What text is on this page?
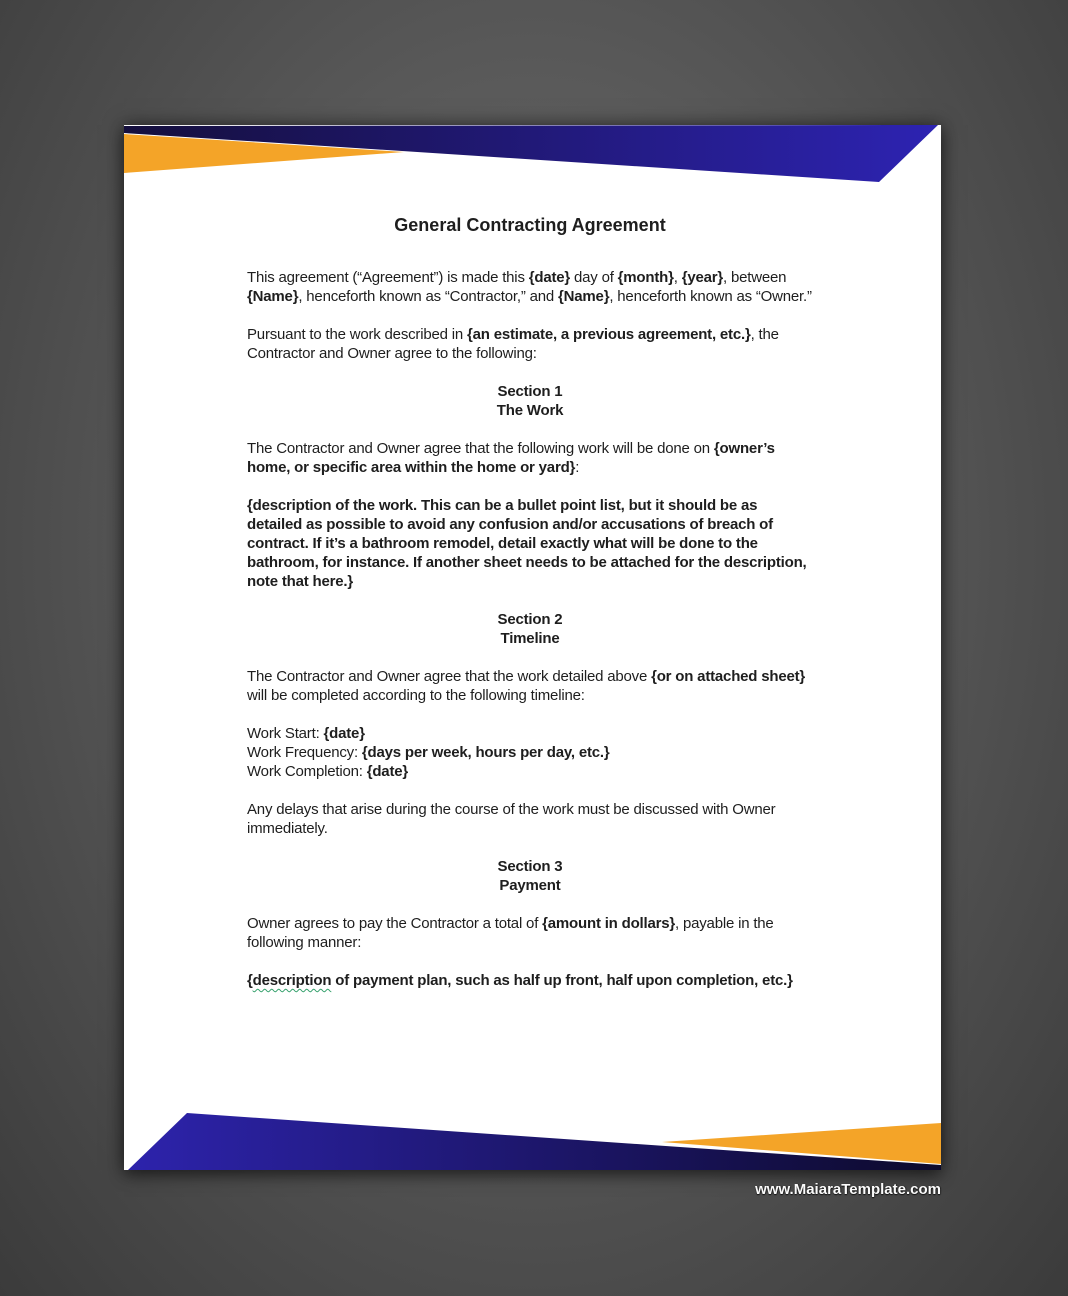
General Contracting Agreement
This agreement (“Agreement”) is made this {date} day of {month}, {year}, between {Name}, henceforth known as “Contractor,” and {Name}, henceforth known as “Owner.”
Pursuant to the work described in {an estimate, a previous agreement, etc.}, the Contractor and Owner agree to the following:
Section 1
The Work
The Contractor and Owner agree that the following work will be done on {owner’s home, or specific area within the home or yard}:
{description of the work. This can be a bullet point list, but it should be as detailed as possible to avoid any confusion and/or accusations of breach of contract. If it’s a bathroom remodel, detail exactly what will be done to the bathroom, for instance. If another sheet needs to be attached for the description, note that here.}
Section 2
Timeline
The Contractor and Owner agree that the work detailed above {or on attached sheet} will be completed according to the following timeline:
Work Start: {date}
Work Frequency: {days per week, hours per day, etc.}
Work Completion: {date}
Any delays that arise during the course of the work must be discussed with Owner immediately.
Section 3
Payment
Owner agrees to pay the Contractor a total of {amount in dollars}, payable in the following manner:
{description of payment plan, such as half up front, half upon completion, etc.}
www.MaiaraTemplate.com
